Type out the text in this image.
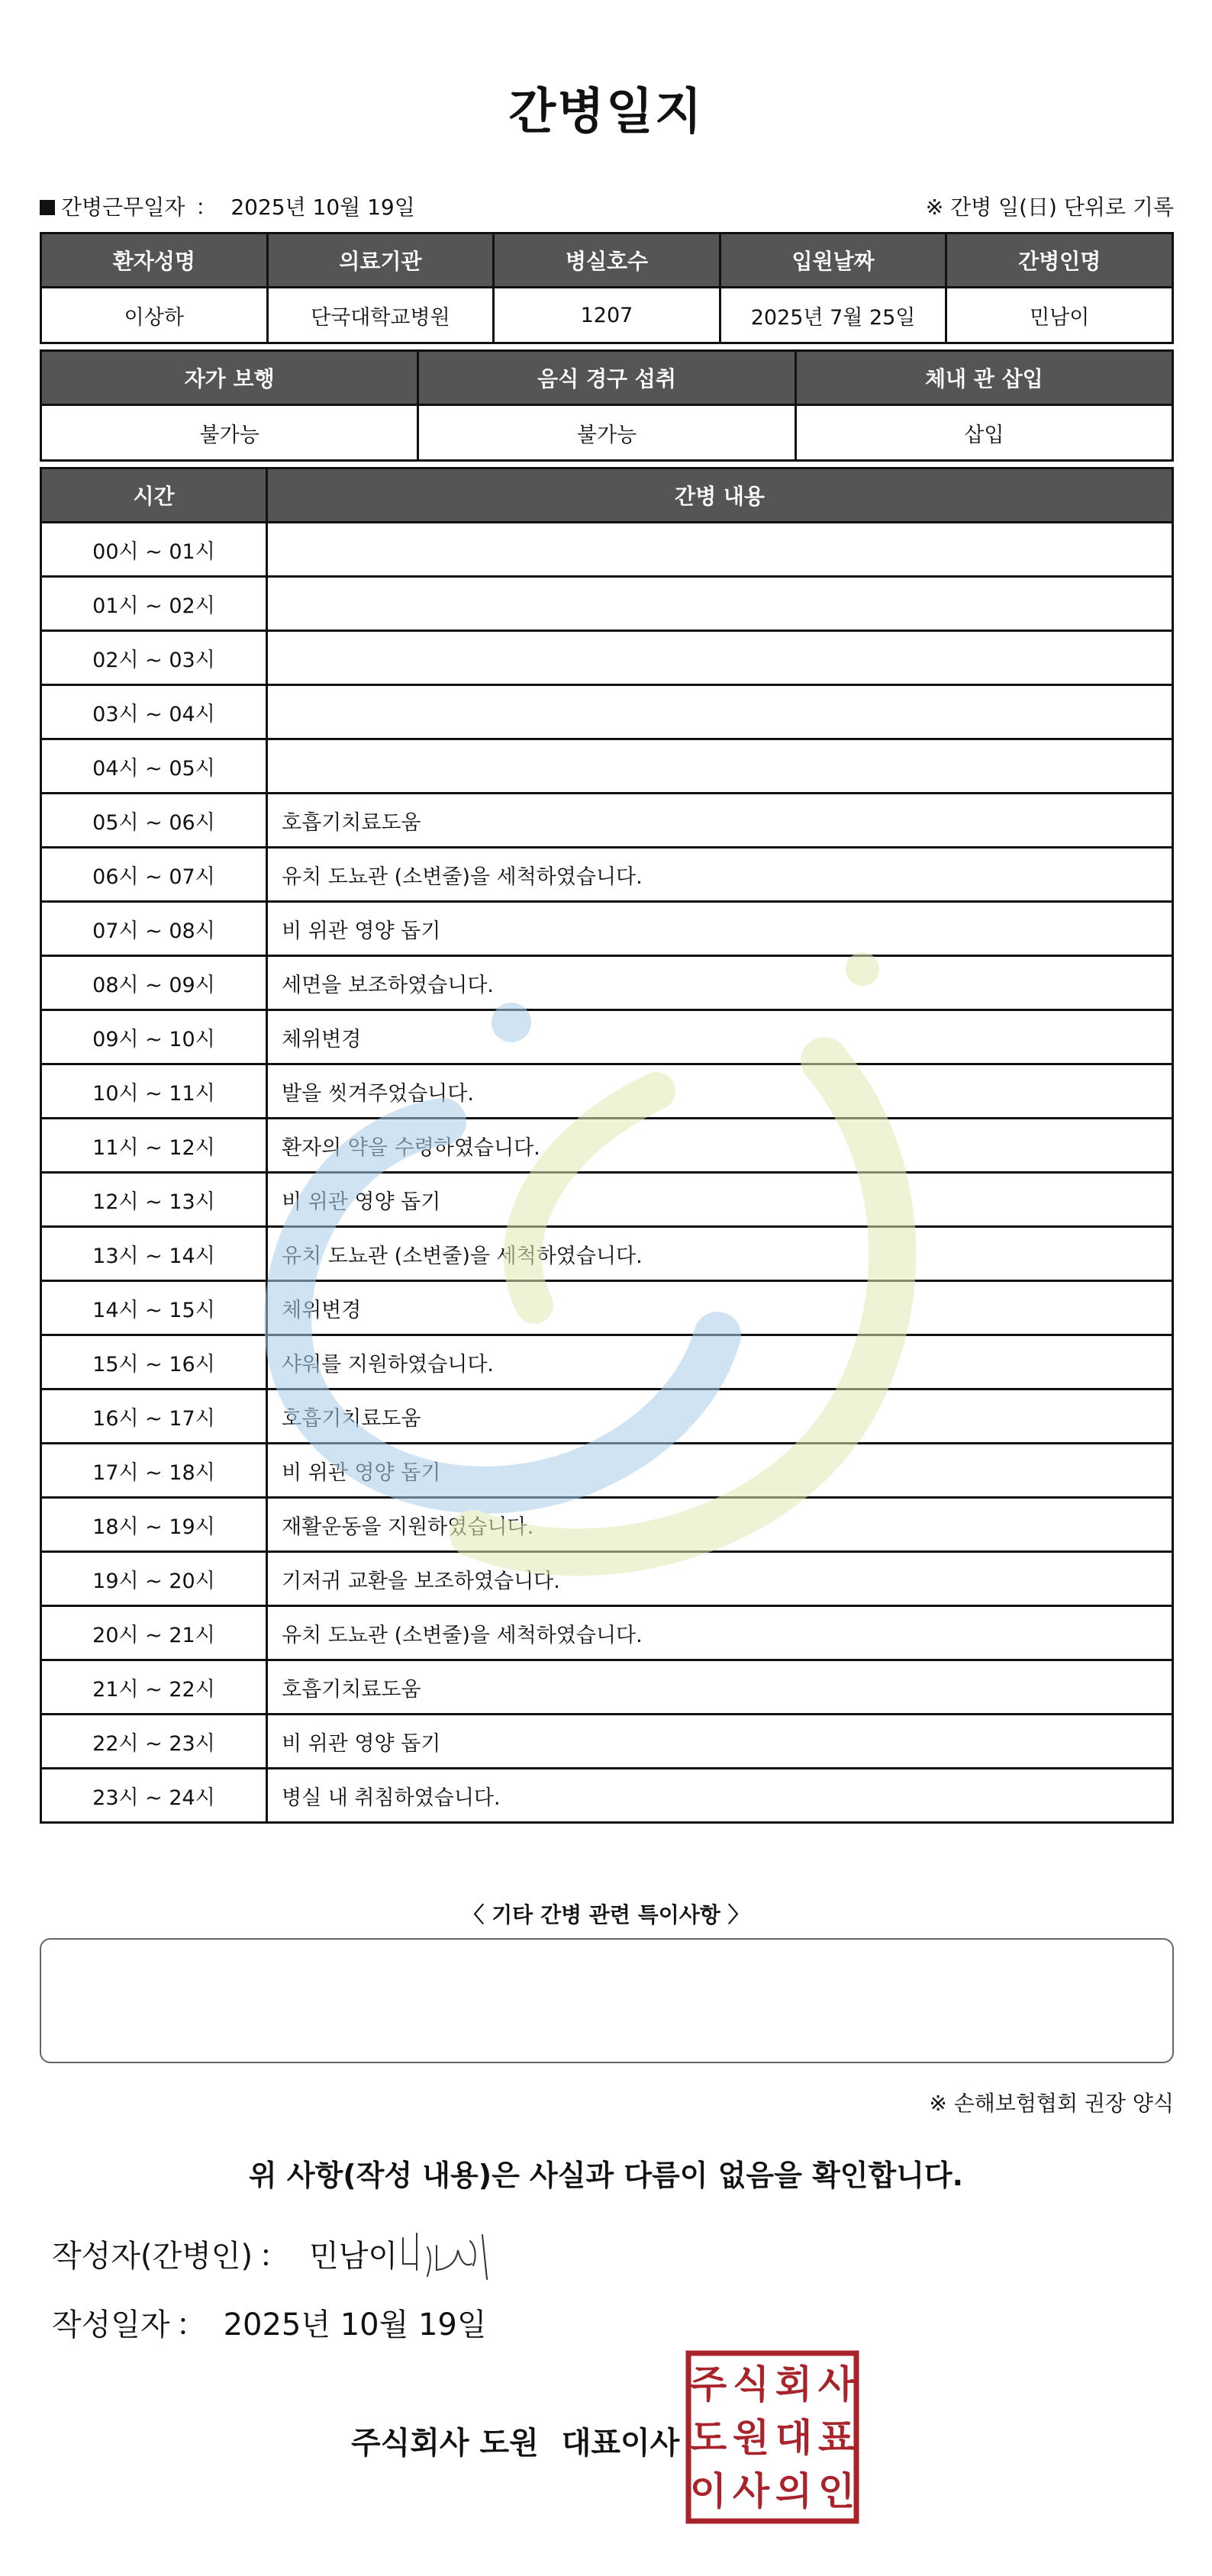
간병일지
간병근무일자 ： 2025년 10월 19일	※ 간병 일(日) 단위로 기록
환자성명	의료기관	병실호수	입원날짜	간병인명
이상하	단국대학교병원	1207	2025년 7월 25일	민남이
자가 보행	음식 경구 섭취	체내 관 삽입
불가능	불가능	삽입
시간	간병 내용
00시 ~ 01시	
01시 ~ 02시	
02시 ~ 03시	
03시 ~ 04시	
04시 ~ 05시	
05시 ~ 06시	호흡기치료도움
06시 ~ 07시	유치 도뇨관 (소변줄)을 세척하였습니다.
07시 ~ 08시	비 위관 영양 돕기
08시 ~ 09시	세면을 보조하였습니다.
09시 ~ 10시	체위변경
10시 ~ 11시	발을 씻겨주었습니다.
11시 ~ 12시	환자의 약을 수령하였습니다.
12시 ~ 13시	비 위관 영양 돕기
13시 ~ 14시	유치 도뇨관 (소변줄)을 세척하였습니다.
14시 ~ 15시	체위변경
15시 ~ 16시	샤워를 지원하였습니다.
16시 ~ 17시	호흡기치료도움
17시 ~ 18시	비 위관 영양 돕기
18시 ~ 19시	재활운동을 지원하였습니다.
19시 ~ 20시	기저귀 교환을 보조하였습니다.
20시 ~ 21시	유치 도뇨관 (소변줄)을 세척하였습니다.
21시 ~ 22시	호흡기치료도움
22시 ~ 23시	비 위관 영양 돕기
23시 ~ 24시	병실 내 취침하였습니다.
〈 기타 간병 관련 특이사항 〉
※ 손해보험협회 권장 양식
위 사항(작성 내용)은 사실과 다름이 없음을 확인합니다.
작성자(간병인) ： 민남이
작성일자 ： 2025년 10월 19일
주식회사 도원 대표이사
주 식 회 사
도 원 대 표
이 사 의 인
